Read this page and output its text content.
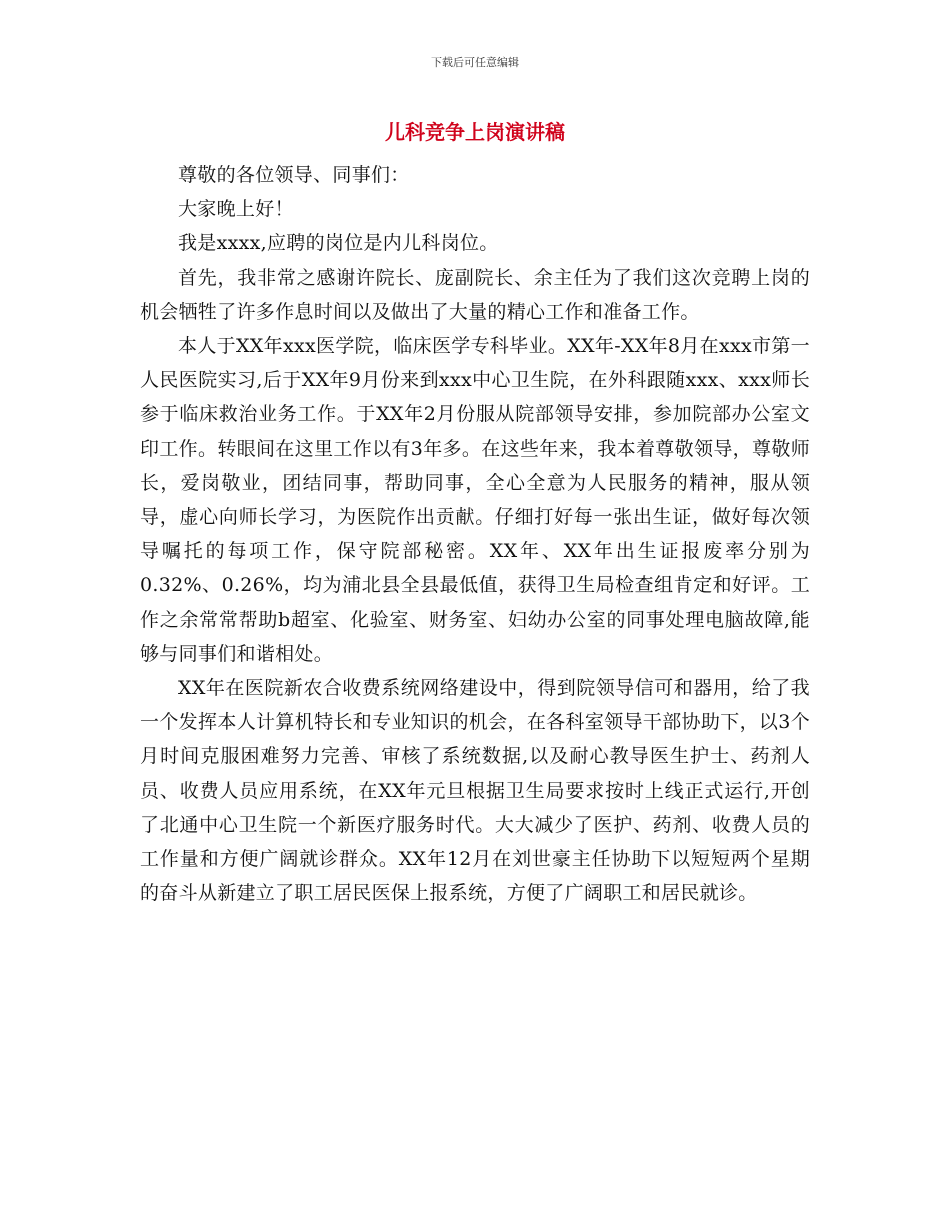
下载后可任意编辑
儿科竞争上岗演讲稿

尊敬的各位领导、同事们：

大家晚上好！

我是xxxx,应聘的岗位是内儿科岗位。

首先，我非常之感谢许院长、庞副院长、余主任为了我们这次竞聘上岗的机会牺牲了许多作息时间以及做出了大量的精心工作和准备工作。

本人于XX年xxx医学院，临床医学专科毕业。XX年-XX年8月在xxx市第一人民医院实习,后于XX年9月份来到xxx中心卫生院，在外科跟随xxx、xxx师长参于临床救治业务工作。于XX年2月份服从院部领导安排，参加院部办公室文印工作。转眼间在这里工作以有3年多。在这些年来，我本着尊敬领导，尊敬师长，爱岗敬业，团结同事，帮助同事，全心全意为人民服务的精神，服从领导，虚心向师长学习，为医院作出贡献。仔细打好每一张出生证，做好每次领导嘱托的每项工作，保守院部秘密。XX年、XX年出生证报废率分别为0.32%、0.26%，均为浦北县全县最低值，获得卫生局检查组肯定和好评。工作之余常常帮助b超室、化验室、财务室、妇幼办公室的同事处理电脑故障,能够与同事们和谐相处。

XX年在医院新农合收费系统网络建设中，得到院领导信可和器用，给了我一个发挥本人计算机特长和专业知识的机会，在各科室领导干部协助下，以3个月时间克服困难努力完善、审核了系统数据,以及耐心教导医生护士、药剂人员、收费人员应用系统，在XX年元旦根据卫生局要求按时上线正式运行,开创了北通中心卫生院一个新医疗服务时代。大大减少了医护、药剂、收费人员的工作量和方便广阔就诊群众。XX年12月在刘世豪主任协助下以短短两个星期的奋斗从新建立了职工居民医保上报系统，方便了广阔职工和居民就诊。
